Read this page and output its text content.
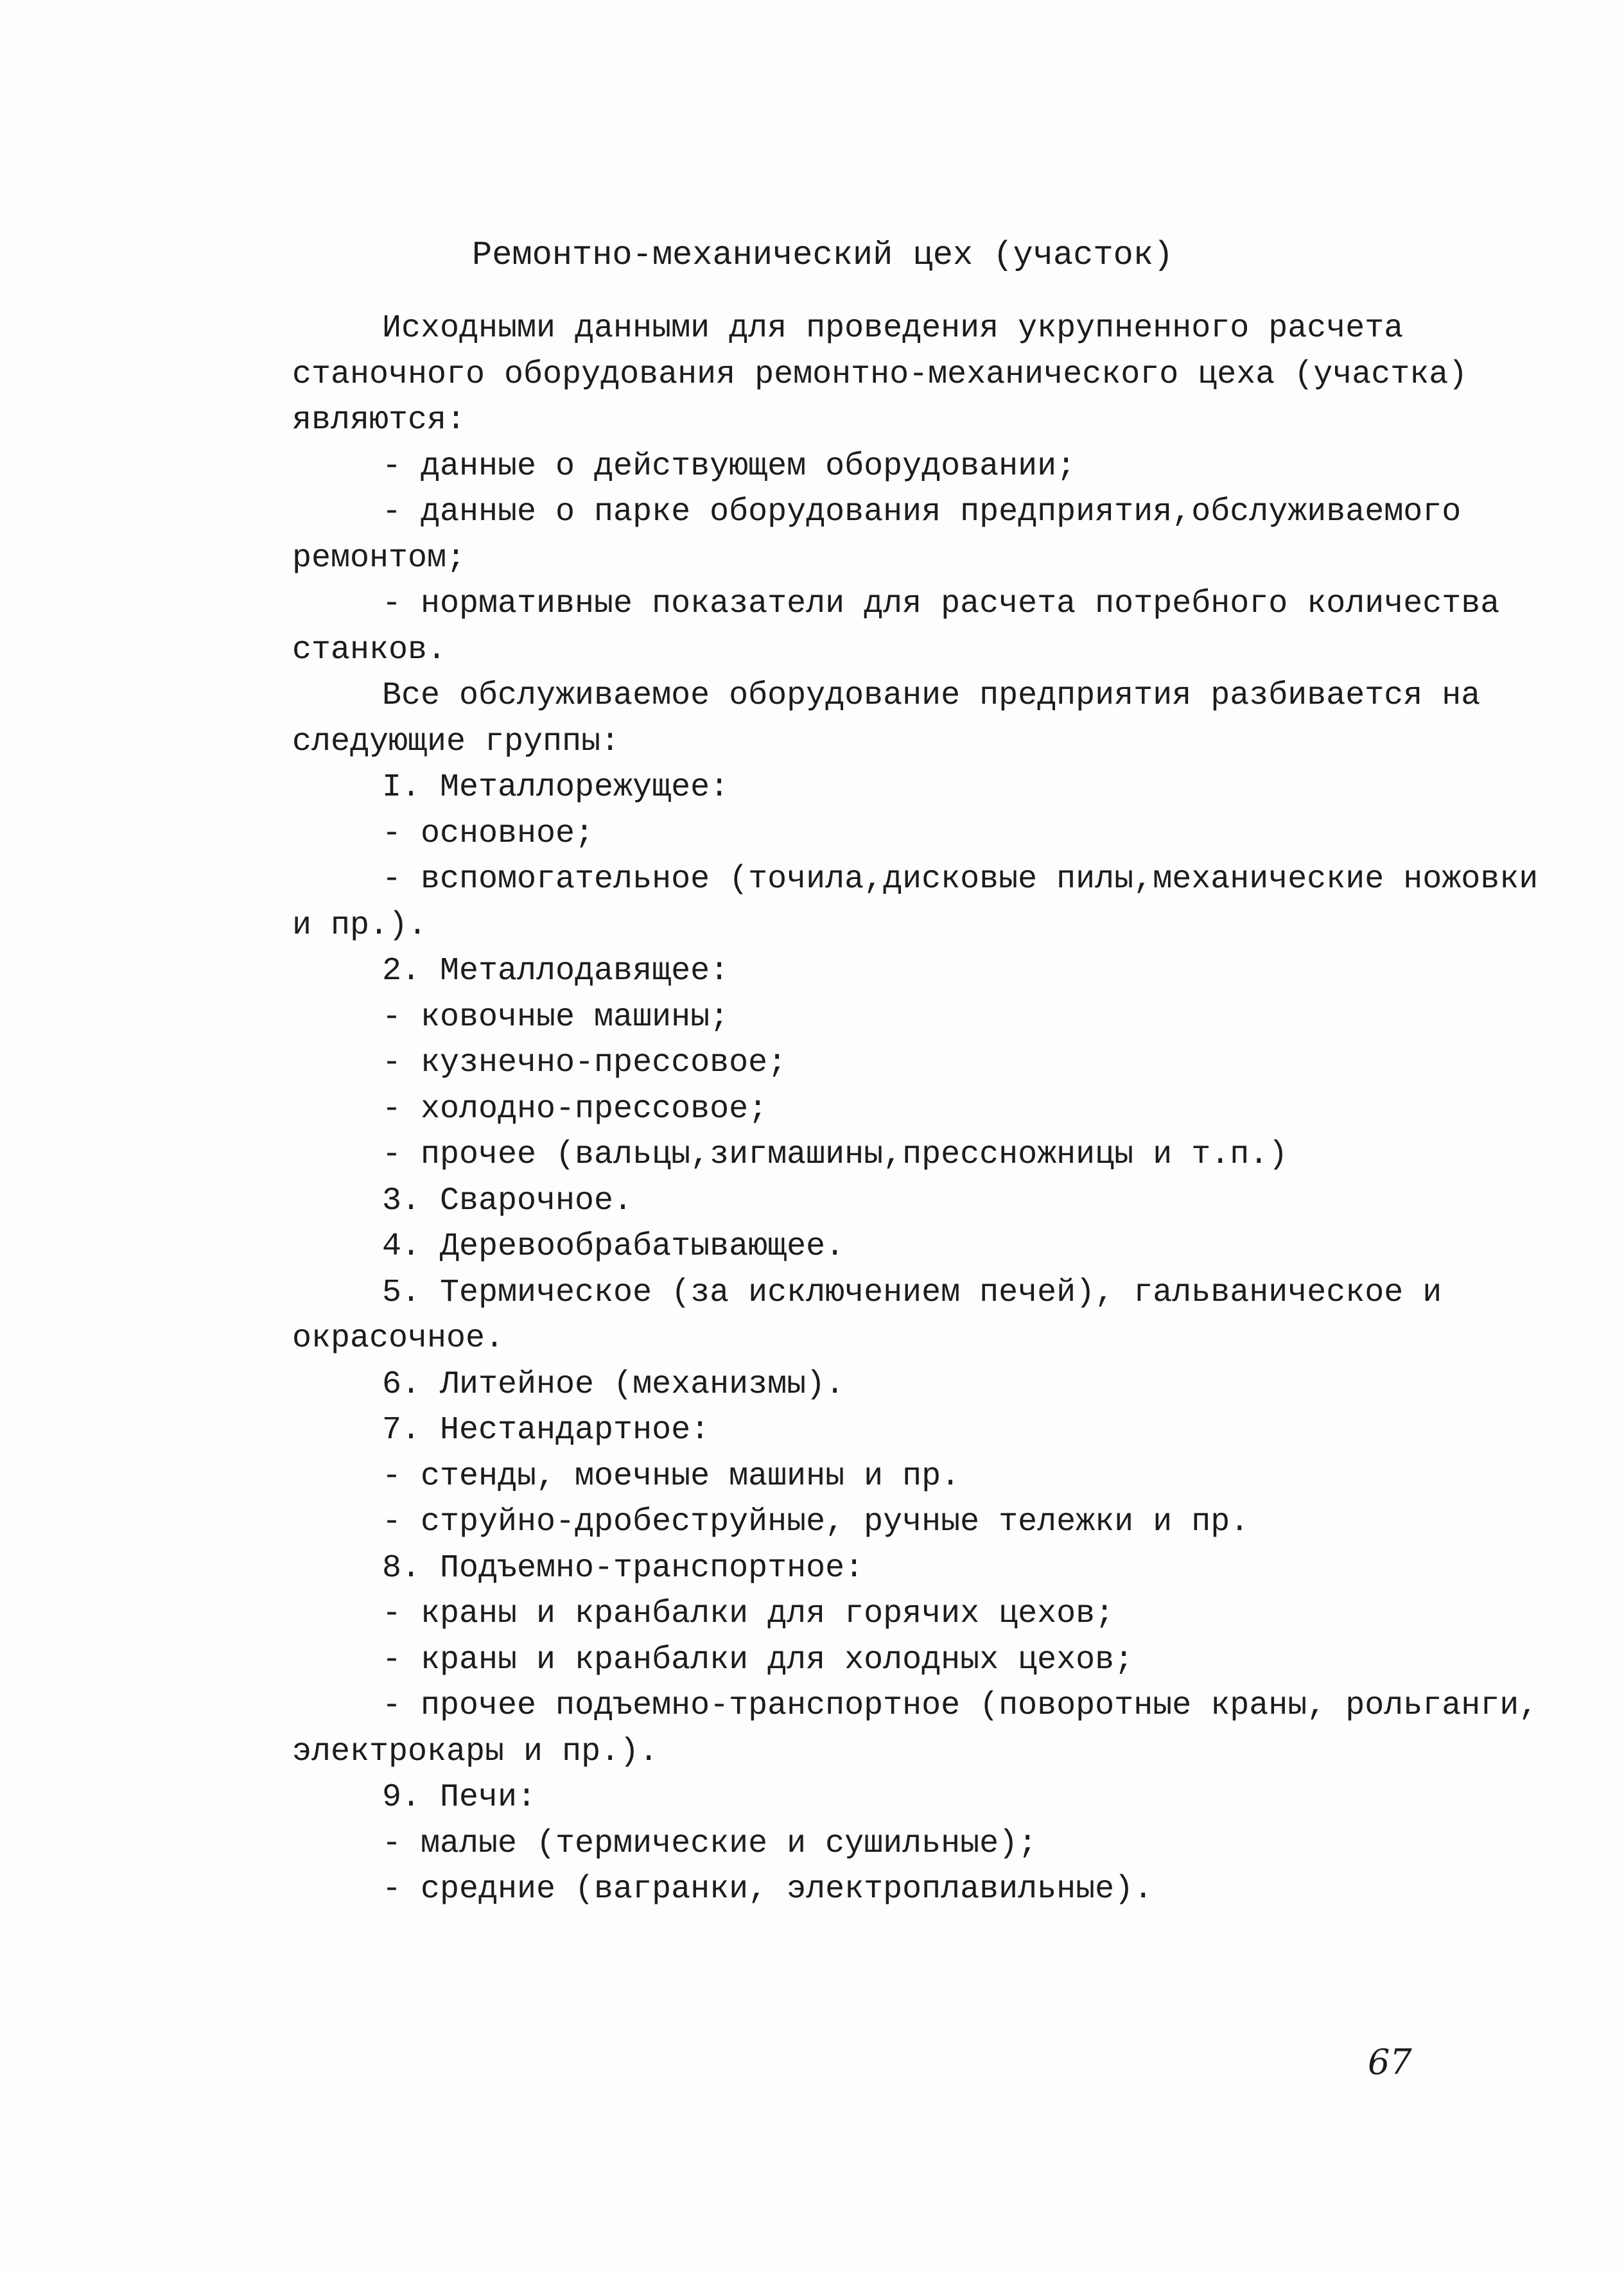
Ремонтно-механический цех (участок)
Исходными данными для проведения укрупненного расчета
станочного оборудования ремонтно-механического цеха (участка)
являются:
- данные о действующем оборудовании;
- данные о парке оборудования предприятия,обслуживаемого
ремонтом;
- нормативные показатели для расчета потребного количества
станков.
Все обслуживаемое оборудование предприятия разбивается на
следующие группы:
I. Металлорежущее:
- основное;
- вспомогательное (точила,дисковые пилы,механические ножовки
и пр.).
2. Металлодавящее:
- ковочные машины;
- кузнечно-прессовое;
- холодно-прессовое;
- прочее (вальцы,зигмашины,прессножницы и т.п.)
3. Сварочное.
4. Деревообрабатывающее.
5. Термическое (за исключением печей), гальваническое и
окрасочное.
6. Литейное (механизмы).
7. Нестандартное:
- стенды, моечные машины и пр.
- струйно-дробеструйные, ручные тележки и пр.
8. Подъемно-транспортное:
- краны и кранбалки для горячих цехов;
- краны и кранбалки для холодных цехов;
- прочее подъемно-транспортное (поворотные краны, рольганги,
электрокары и пр.).
9. Печи:
- малые (термические и сушильные);
- средние (вагранки, электроплавильные).
67
